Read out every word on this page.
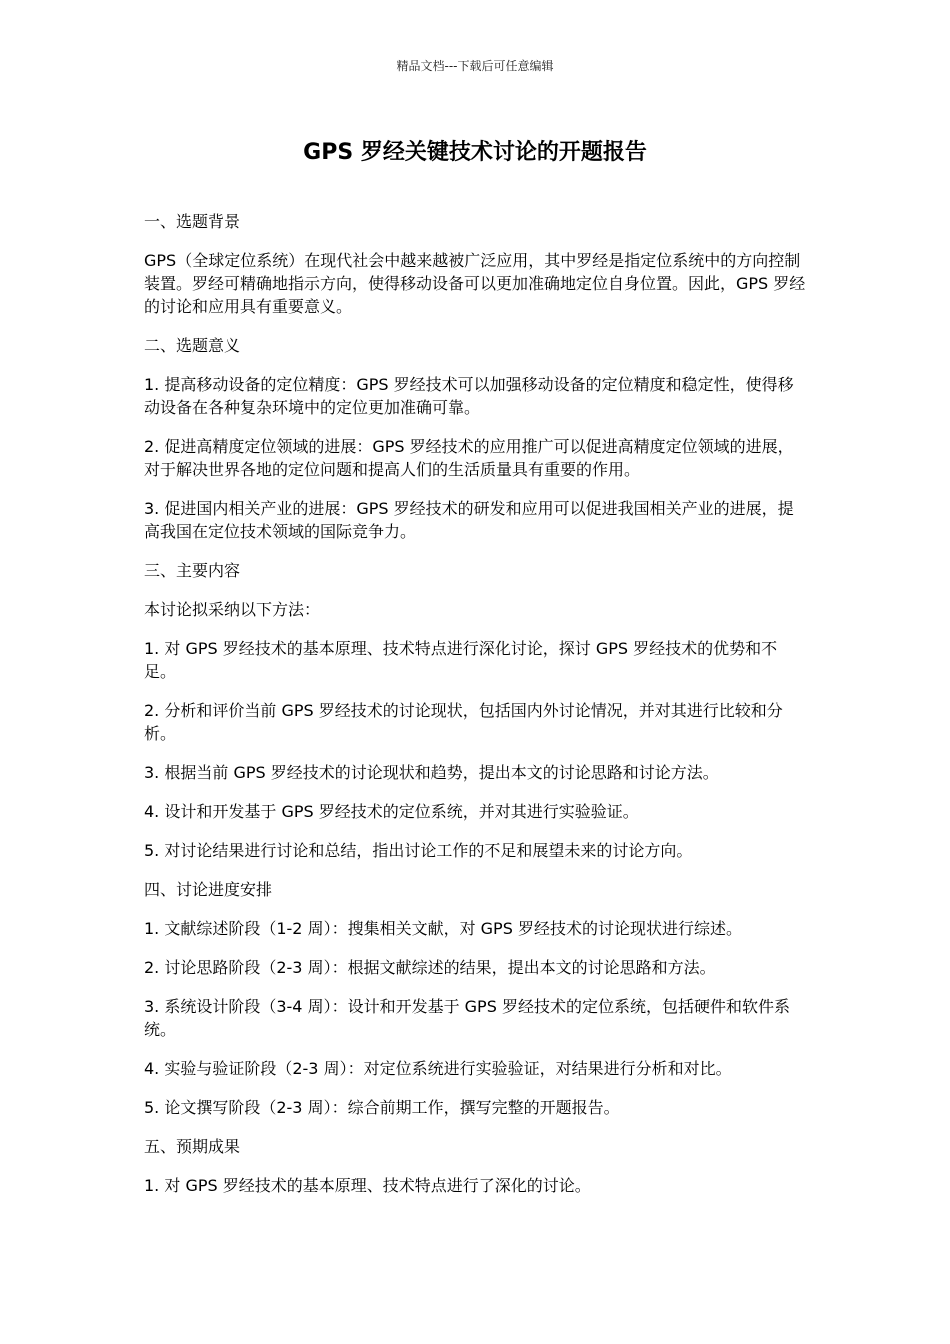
精品文档---下载后可任意编辑
GPS 罗经关键技术讨论的开题报告

一、选题背景

GPS（全球定位系统）在现代社会中越来越被广泛应用，其中罗经是指定位系统中的方向控制装置。罗经可精确地指示方向，使得移动设备可以更加准确地定位自身位置。因此，GPS 罗经的讨论和应用具有重要意义。

二、选题意义

1. 提高移动设备的定位精度：GPS 罗经技术可以加强移动设备的定位精度和稳定性，使得移动设备在各种复杂环境中的定位更加准确可靠。

2. 促进高精度定位领域的进展：GPS 罗经技术的应用推广可以促进高精度定位领域的进展，对于解决世界各地的定位问题和提高人们的生活质量具有重要的作用。

3. 促进国内相关产业的进展：GPS 罗经技术的研发和应用可以促进我国相关产业的进展，提高我国在定位技术领域的国际竞争力。

三、主要内容

本讨论拟采纳以下方法：

1. 对 GPS 罗经技术的基本原理、技术特点进行深化讨论，探讨 GPS 罗经技术的优势和不足。

2. 分析和评价当前 GPS 罗经技术的讨论现状，包括国内外讨论情况，并对其进行比较和分析。

3. 根据当前 GPS 罗经技术的讨论现状和趋势，提出本文的讨论思路和讨论方法。

4. 设计和开发基于 GPS 罗经技术的定位系统，并对其进行实验验证。

5. 对讨论结果进行讨论和总结，指出讨论工作的不足和展望未来的讨论方向。

四、讨论进度安排

1. 文献综述阶段（1-2 周）：搜集相关文献，对 GPS 罗经技术的讨论现状进行综述。

2. 讨论思路阶段（2-3 周）：根据文献综述的结果，提出本文的讨论思路和方法。

3. 系统设计阶段（3-4 周）：设计和开发基于 GPS 罗经技术的定位系统，包括硬件和软件系统。

4. 实验与验证阶段（2-3 周）：对定位系统进行实验验证，对结果进行分析和对比。

5. 论文撰写阶段（2-3 周）：综合前期工作，撰写完整的开题报告。

五、预期成果

1. 对 GPS 罗经技术的基本原理、技术特点进行了深化的讨论。
